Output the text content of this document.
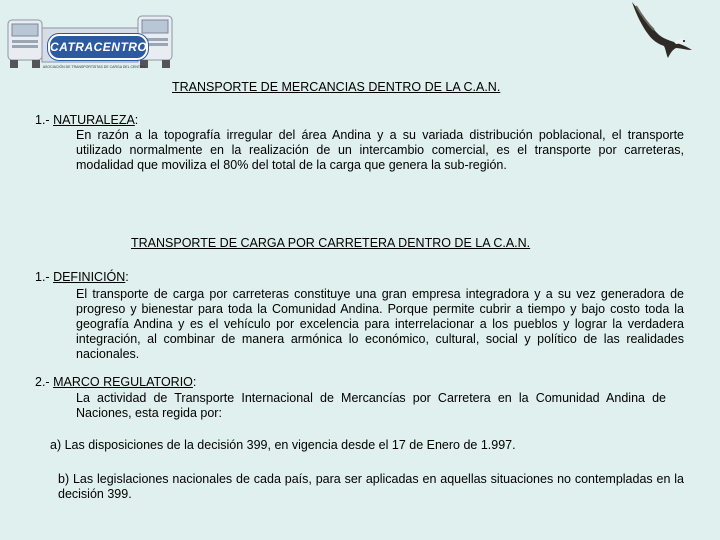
CATRACENTRO
ASOCIACIÓN DE TRANSPORTISTAS DE CARGA DEL CENTRO
TRANSPORTE DE MERCANCIAS DENTRO DE LA C.A.N.
1.- NATURALEZA:
En razón a la topografía irregular del área Andina y a su variada distribución poblacional, el transporte utilizado normalmente en la realización de un intercambio comercial, es el transporte por carreteras, modalidad que moviliza el 80% del total de la carga que genera la sub-región.
TRANSPORTE DE CARGA POR CARRETERA DENTRO DE LA C.A.N.
1.- DEFINICIÓN:
El transporte de carga por carreteras constituye una gran empresa integradora y a su vez generadora de progreso y bienestar para toda la Comunidad Andina. Porque permite cubrir a tiempo y bajo costo toda la geografía Andina y es el vehículo por excelencia para interrelacionar a los pueblos y lograr la verdadera integración, al combinar de manera armónica lo económico, cultural, social y político de las realidades nacionales.
2.- MARCO REGULATORIO:
La actividad de Transporte Internacional de Mercancías por Carretera en la Comunidad Andina de Naciones, esta regida por:
a) Las disposiciones de la decisión 399, en vigencia desde el 17 de Enero de 1.997.
b) Las legislaciones nacionales de cada país, para ser aplicadas en aquellas situaciones no contempladas en la decisión 399.
